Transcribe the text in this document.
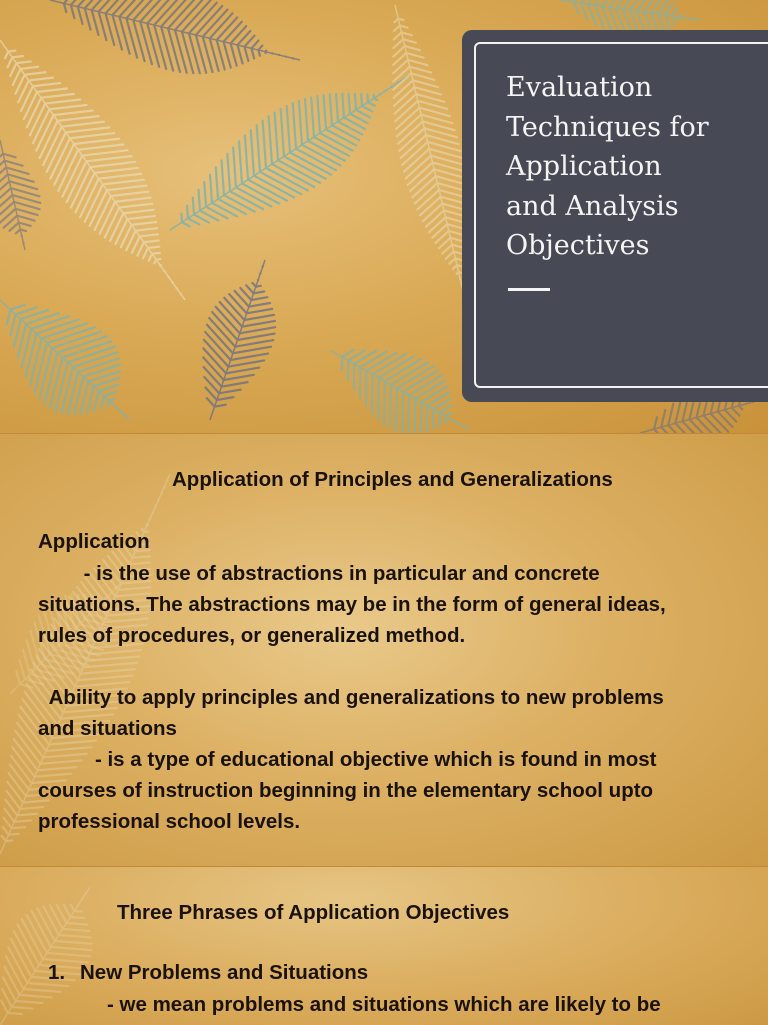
Evaluation
Techniques for
Application
and Analysis
Objectives
Application of Principles and Generalizations
Application
- is the use of abstractions in particular and concrete
situations. The abstractions may be in the form of general ideas,
rules of procedures, or generalized method.
Ability to apply principles and generalizations to new problems
and situations
- is a type of educational objective which is found in most
courses of instruction beginning in the elementary school upto
professional school levels.
Three Phrases of Application Objectives
1. New Problems and Situations
- we mean problems and situations which are likely to be
